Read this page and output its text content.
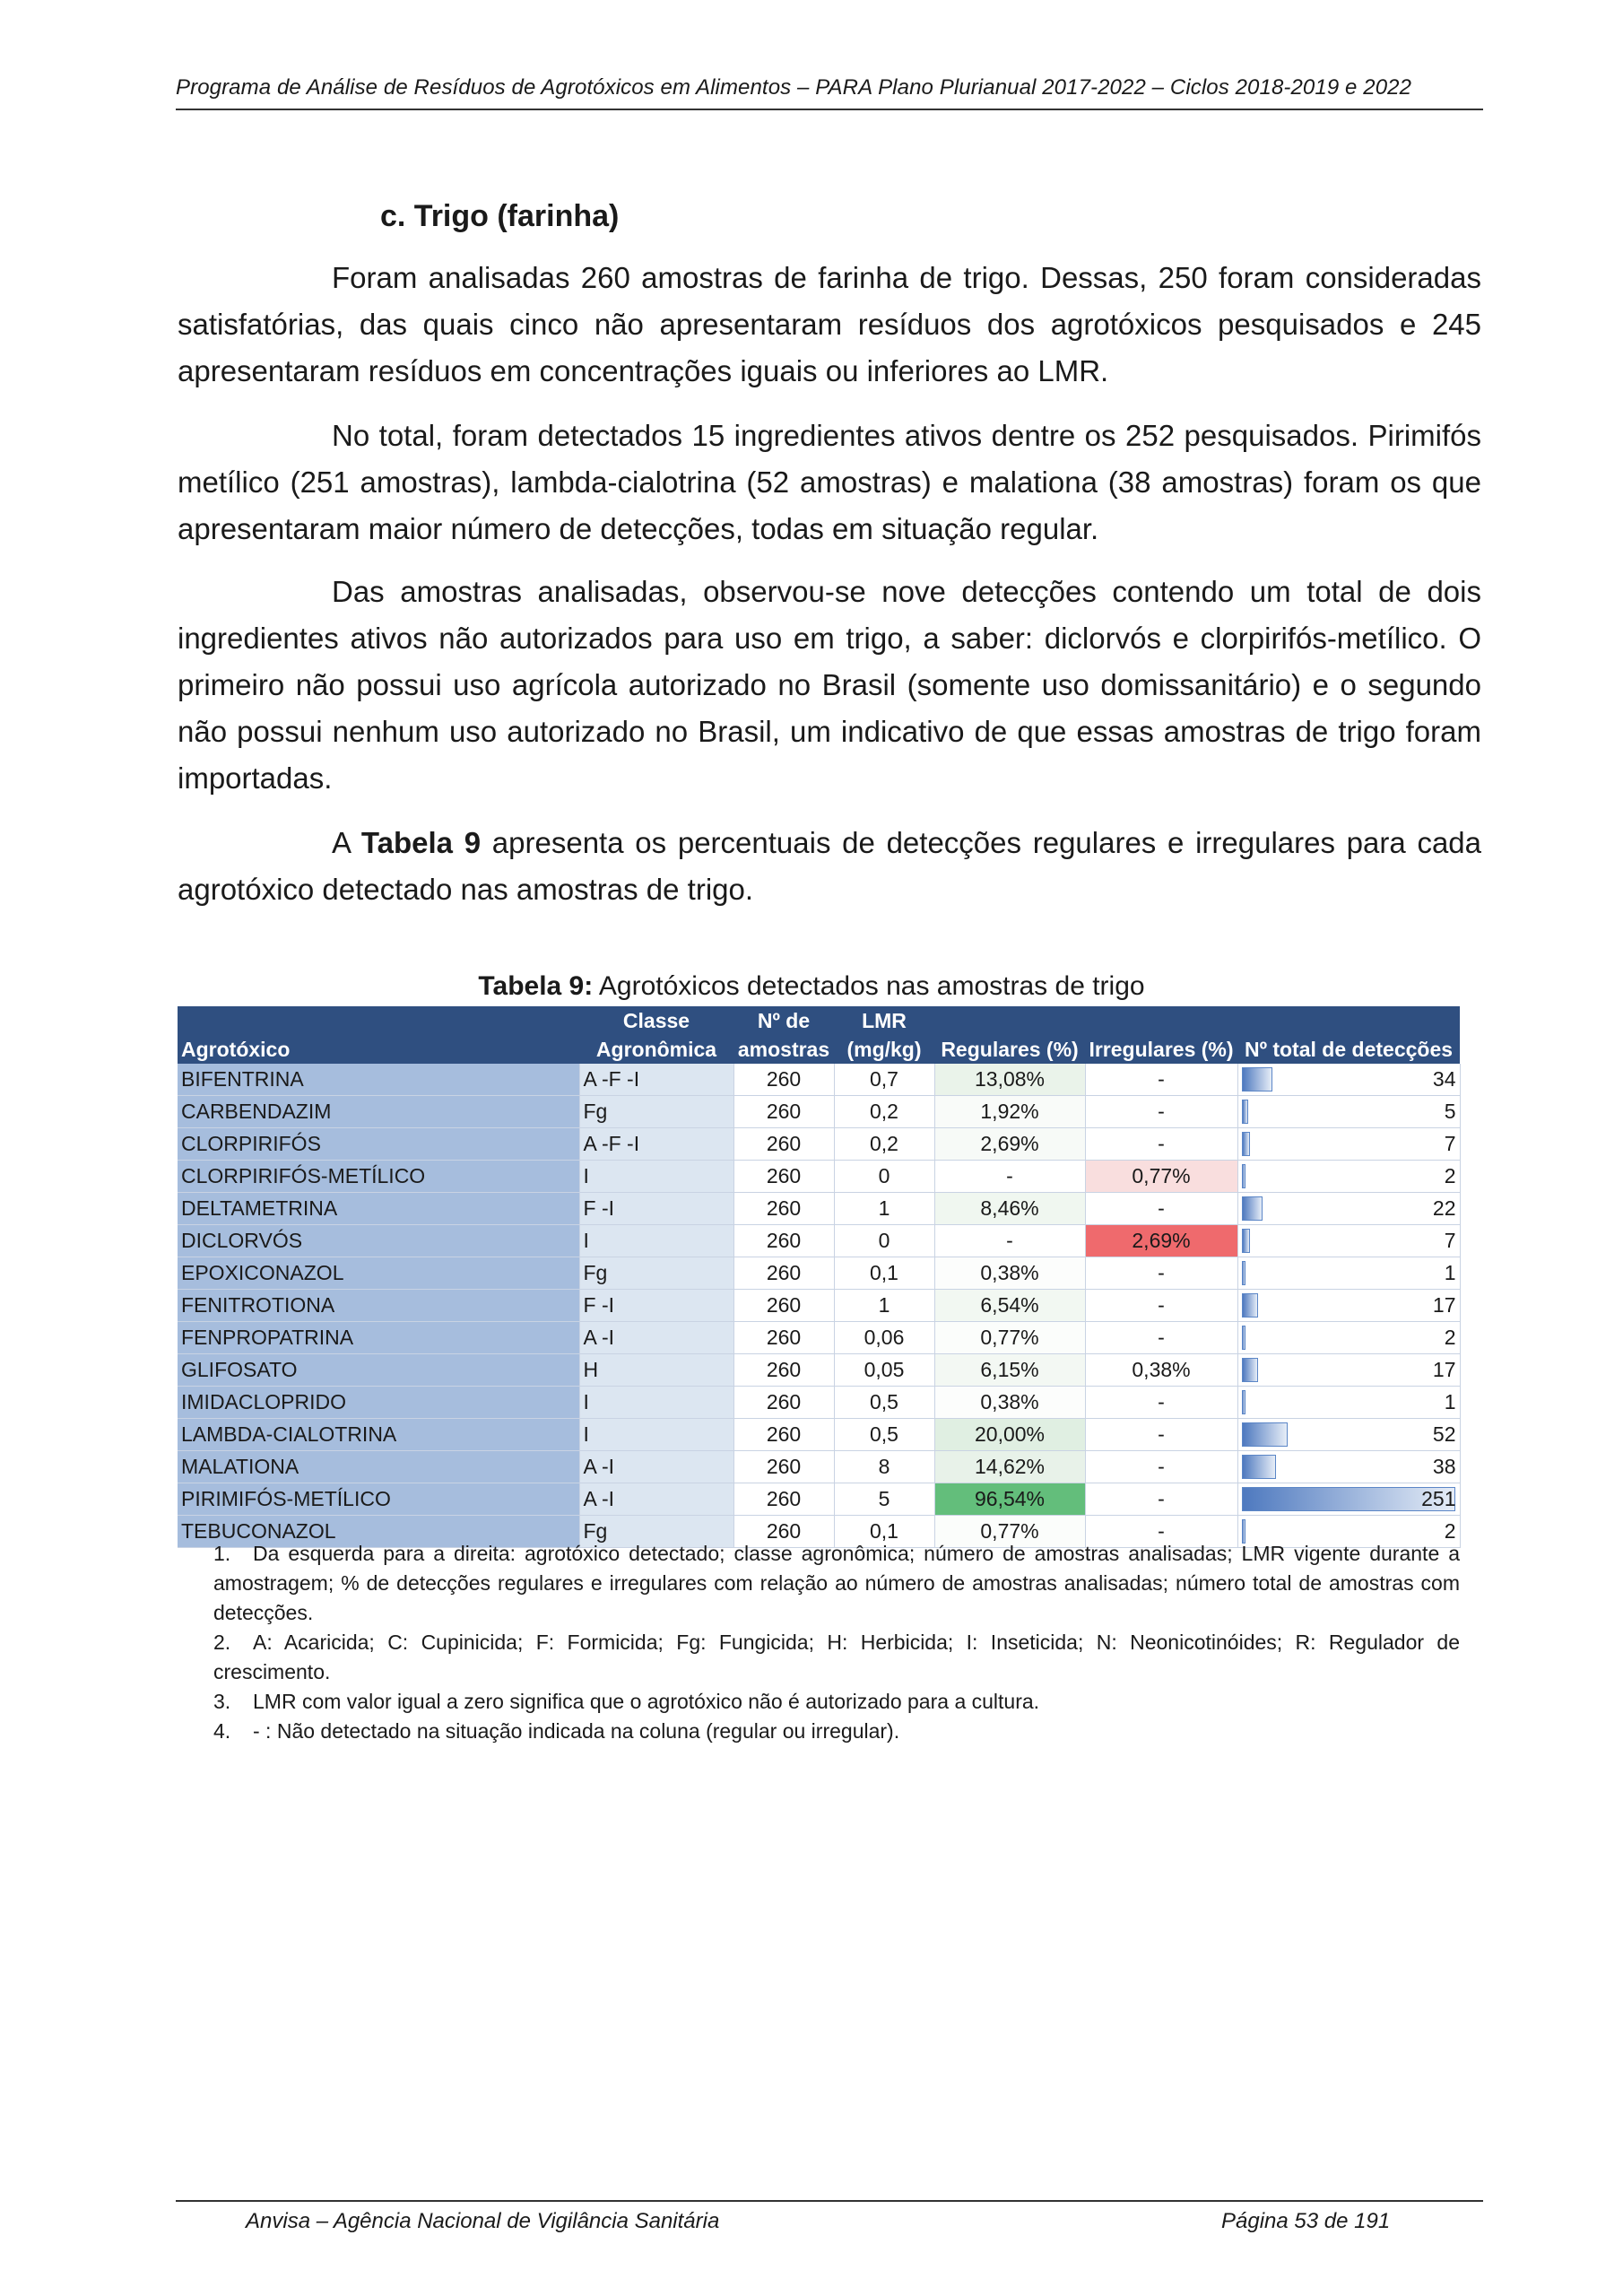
Programa de Análise de Resíduos de Agrotóxicos em Alimentos – PARA Plano Plurianual 2017-2022 – Ciclos 2018-2019 e 2022
c. Trigo (farinha)
Foram analisadas 260 amostras de farinha de trigo. Dessas, 250 foram consideradas satisfatórias, das quais cinco não apresentaram resíduos dos agrotóxicos pesquisados e 245 apresentaram resíduos em concentrações iguais ou inferiores ao LMR.
No total, foram detectados 15 ingredientes ativos dentre os 252 pesquisados. Pirimifós metílico (251 amostras), lambda-cialotrina (52 amostras) e malationa (38 amostras) foram os que apresentaram maior número de detecções, todas em situação regular.
Das amostras analisadas, observou-se nove detecções contendo um total de dois ingredientes ativos não autorizados para uso em trigo, a saber: diclorvós e clorpirifós-metílico. O primeiro não possui uso agrícola autorizado no Brasil (somente uso domissanitário) e o segundo não possui nenhum uso autorizado no Brasil, um indicativo de que essas amostras de trigo foram importadas.
A Tabela 9 apresenta os percentuais de detecções regulares e irregulares para cada agrotóxico detectado nas amostras de trigo.
Tabela 9: Agrotóxicos detectados nas amostras de trigo
Agrotóxico	Classe Agronômica	Nº de amostras	LMR (mg/kg)	Regulares (%)	Irregulares (%)	Nº total de detecções
BIFENTRINA	A -F -I	260	0,7	13,08%	-	34
CARBENDAZIM	Fg	260	0,2	1,92%	-	5
CLORPIRIFÓS	A -F -I	260	0,2	2,69%	-	7
CLORPIRIFÓS-METÍLICO	I	260	0	-	0,77%	2
DELTAMETRINA	F -I	260	1	8,46%	-	22
DICLORVÓS	I	260	0	-	2,69%	7
EPOXICONAZOL	Fg	260	0,1	0,38%	-	1
FENITROTIONA	F -I	260	1	6,54%	-	17
FENPROPATRINA	A -I	260	0,06	0,77%	-	2
GLIFOSATO	H	260	0,05	6,15%	0,38%	17
IMIDACLOPRIDO	I	260	0,5	0,38%	-	1
LAMBDA-CIALOTRINA	I	260	0,5	20,00%	-	52
MALATIONA	A -I	260	8	14,62%	-	38
PIRIMIFÓS-METÍLICO	A -I	260	5	96,54%	-	251
TEBUCONAZOL	Fg	260	0,1	0,77%	-	2
1. Da esquerda para a direita: agrotóxico detectado; classe agronômica; número de amostras analisadas; LMR vigente durante a amostragem; % de detecções regulares e irregulares com relação ao número de amostras analisadas; número total de amostras com detecções.
2. A: Acaricida; C: Cupinicida; F: Formicida; Fg: Fungicida; H: Herbicida; I: Inseticida; N: Neonicotinóides; R: Regulador de crescimento.
3. LMR com valor igual a zero significa que o agrotóxico não é autorizado para a cultura.
4. - : Não detectado na situação indicada na coluna (regular ou irregular).
Anvisa – Agência Nacional de Vigilância Sanitária	Página 53 de 191
